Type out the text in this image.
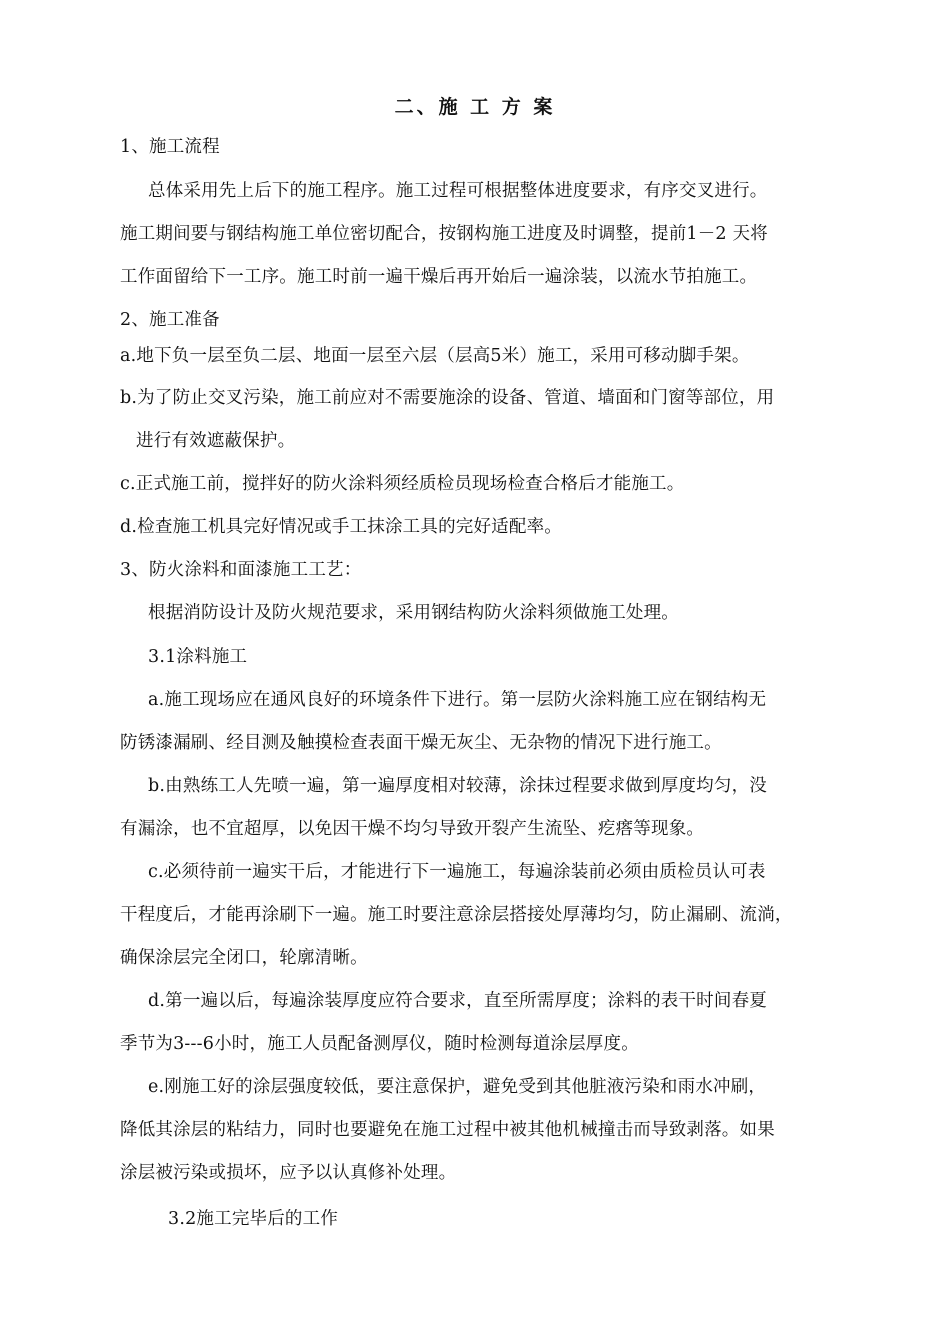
二、施 工 方 案
1、施工流程
总体采用先上后下的施工程序。施工过程可根据整体进度要求，有序交叉进行。
施工期间要与钢结构施工单位密切配合，按钢构施工进度及时调整，提前1－2 天将
工作面留给下一工序。施工时前一遍干燥后再开始后一遍涂装，以流水节拍施工。
2、施工准备
a.地下负一层至负二层、地面一层至六层（层高5米）施工，采用可移动脚手架。
b.为了防止交叉污染，施工前应对不需要施涂的设备、管道、墙面和门窗等部位，用
进行有效遮蔽保护。
c.正式施工前，搅拌好的防火涂料须经质检员现场检查合格后才能施工。
d.检查施工机具完好情况或手工抹涂工具的完好适配率。
3、防火涂料和面漆施工工艺：
根据消防设计及防火规范要求，采用钢结构防火涂料须做施工处理。
3.1涂料施工
a.施工现场应在通风良好的环境条件下进行。第一层防火涂料施工应在钢结构无
防锈漆漏刷、经目测及触摸检查表面干燥无灰尘、无杂物的情况下进行施工。
b.由熟练工人先喷一遍，第一遍厚度相对较薄，涂抹过程要求做到厚度均匀，没
有漏涂，也不宜超厚，以免因干燥不均匀导致开裂产生流坠、疙瘩等现象。
c.必须待前一遍实干后，才能进行下一遍施工，每遍涂装前必须由质检员认可表
干程度后，才能再涂刷下一遍。施工时要注意涂层搭接处厚薄均匀，防止漏刷、流淌，
确保涂层完全闭口，轮廓清晰。
d.第一遍以后，每遍涂装厚度应符合要求，直至所需厚度；涂料的表干时间春夏
季节为3---6小时，施工人员配备测厚仪，随时检测每道涂层厚度。
e.刚施工好的涂层强度较低，要注意保护，避免受到其他脏液污染和雨水冲刷，
降低其涂层的粘结力，同时也要避免在施工过程中被其他机械撞击而导致剥落。如果
涂层被污染或损坏，应予以认真修补处理。
3.2施工完毕后的工作
